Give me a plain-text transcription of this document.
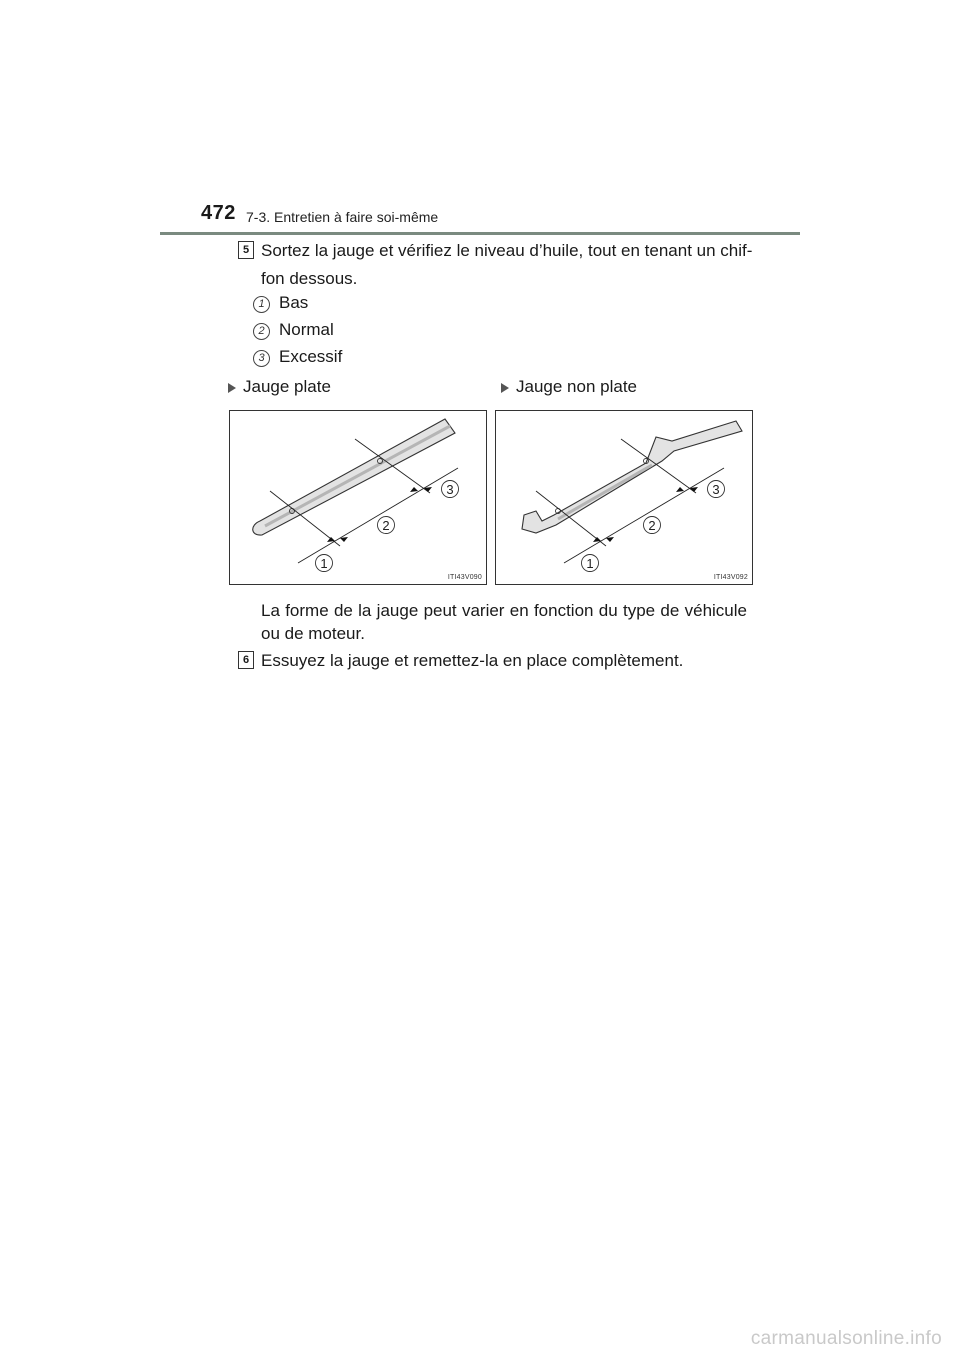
472 7-3. Entretien à faire soi-même
5 Sortez la jauge et vérifiez le niveau d’huile, tout en tenant un chif-
fon dessous.
1 Bas
2 Normal
3 Excessif
Jauge plate	Jauge non plate
1
2
3
ITI43V090
1
2
3
ITI43V092
La forme de la jauge peut varier en fonction du type de véhicule
ou de moteur.
6 Essuyez la jauge et remettez-la en place complètement.
carmanualsonline.info
